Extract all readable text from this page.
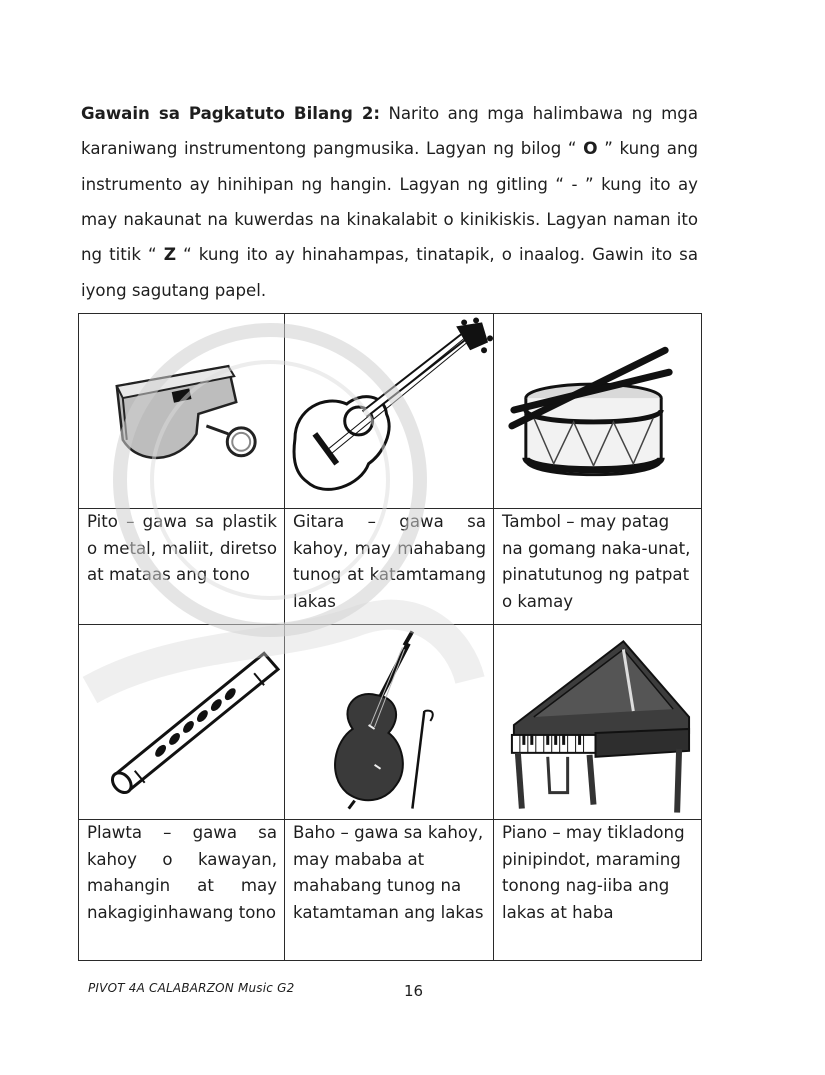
Gawain sa Pagkatuto Bilang 2: Narito ang mga halimbawa ng mga karaniwang instrumentong pangmusika. Lagyan ng bilog “ O ” kung ang instrumento ay hinihipan ng hangin. Lagyan ng gitling “ - ” kung ito ay may nakaunat na kuwerdas na kinakalabit o kinikiskis. Lagyan naman ito ng titik “ Z “ kung ito ay hinahampas, tinatapik, o inaalog. Gawin ito sa iyong sagutang papel.

Pito – gawa sa plastik o metal, maliit, diretso at mataas ang tono	Gitara – gawa sa kahoy, may mahabang tunog at katamtamang lakas	Tambol – may patag na gomang naka-unat, pinatutunog ng patpat o kamay

Plawta – gawa sa kahoy o kawayan, mahangin at may nakagiginhawang tono	Baho – gawa sa kahoy, may mababa at mahabang tunog na katamtaman ang lakas	Piano – may tikladong pinipindot, maraming tonong nag-iiba ang lakas at haba
PIVOT 4A CALABARZON Music G2	16
